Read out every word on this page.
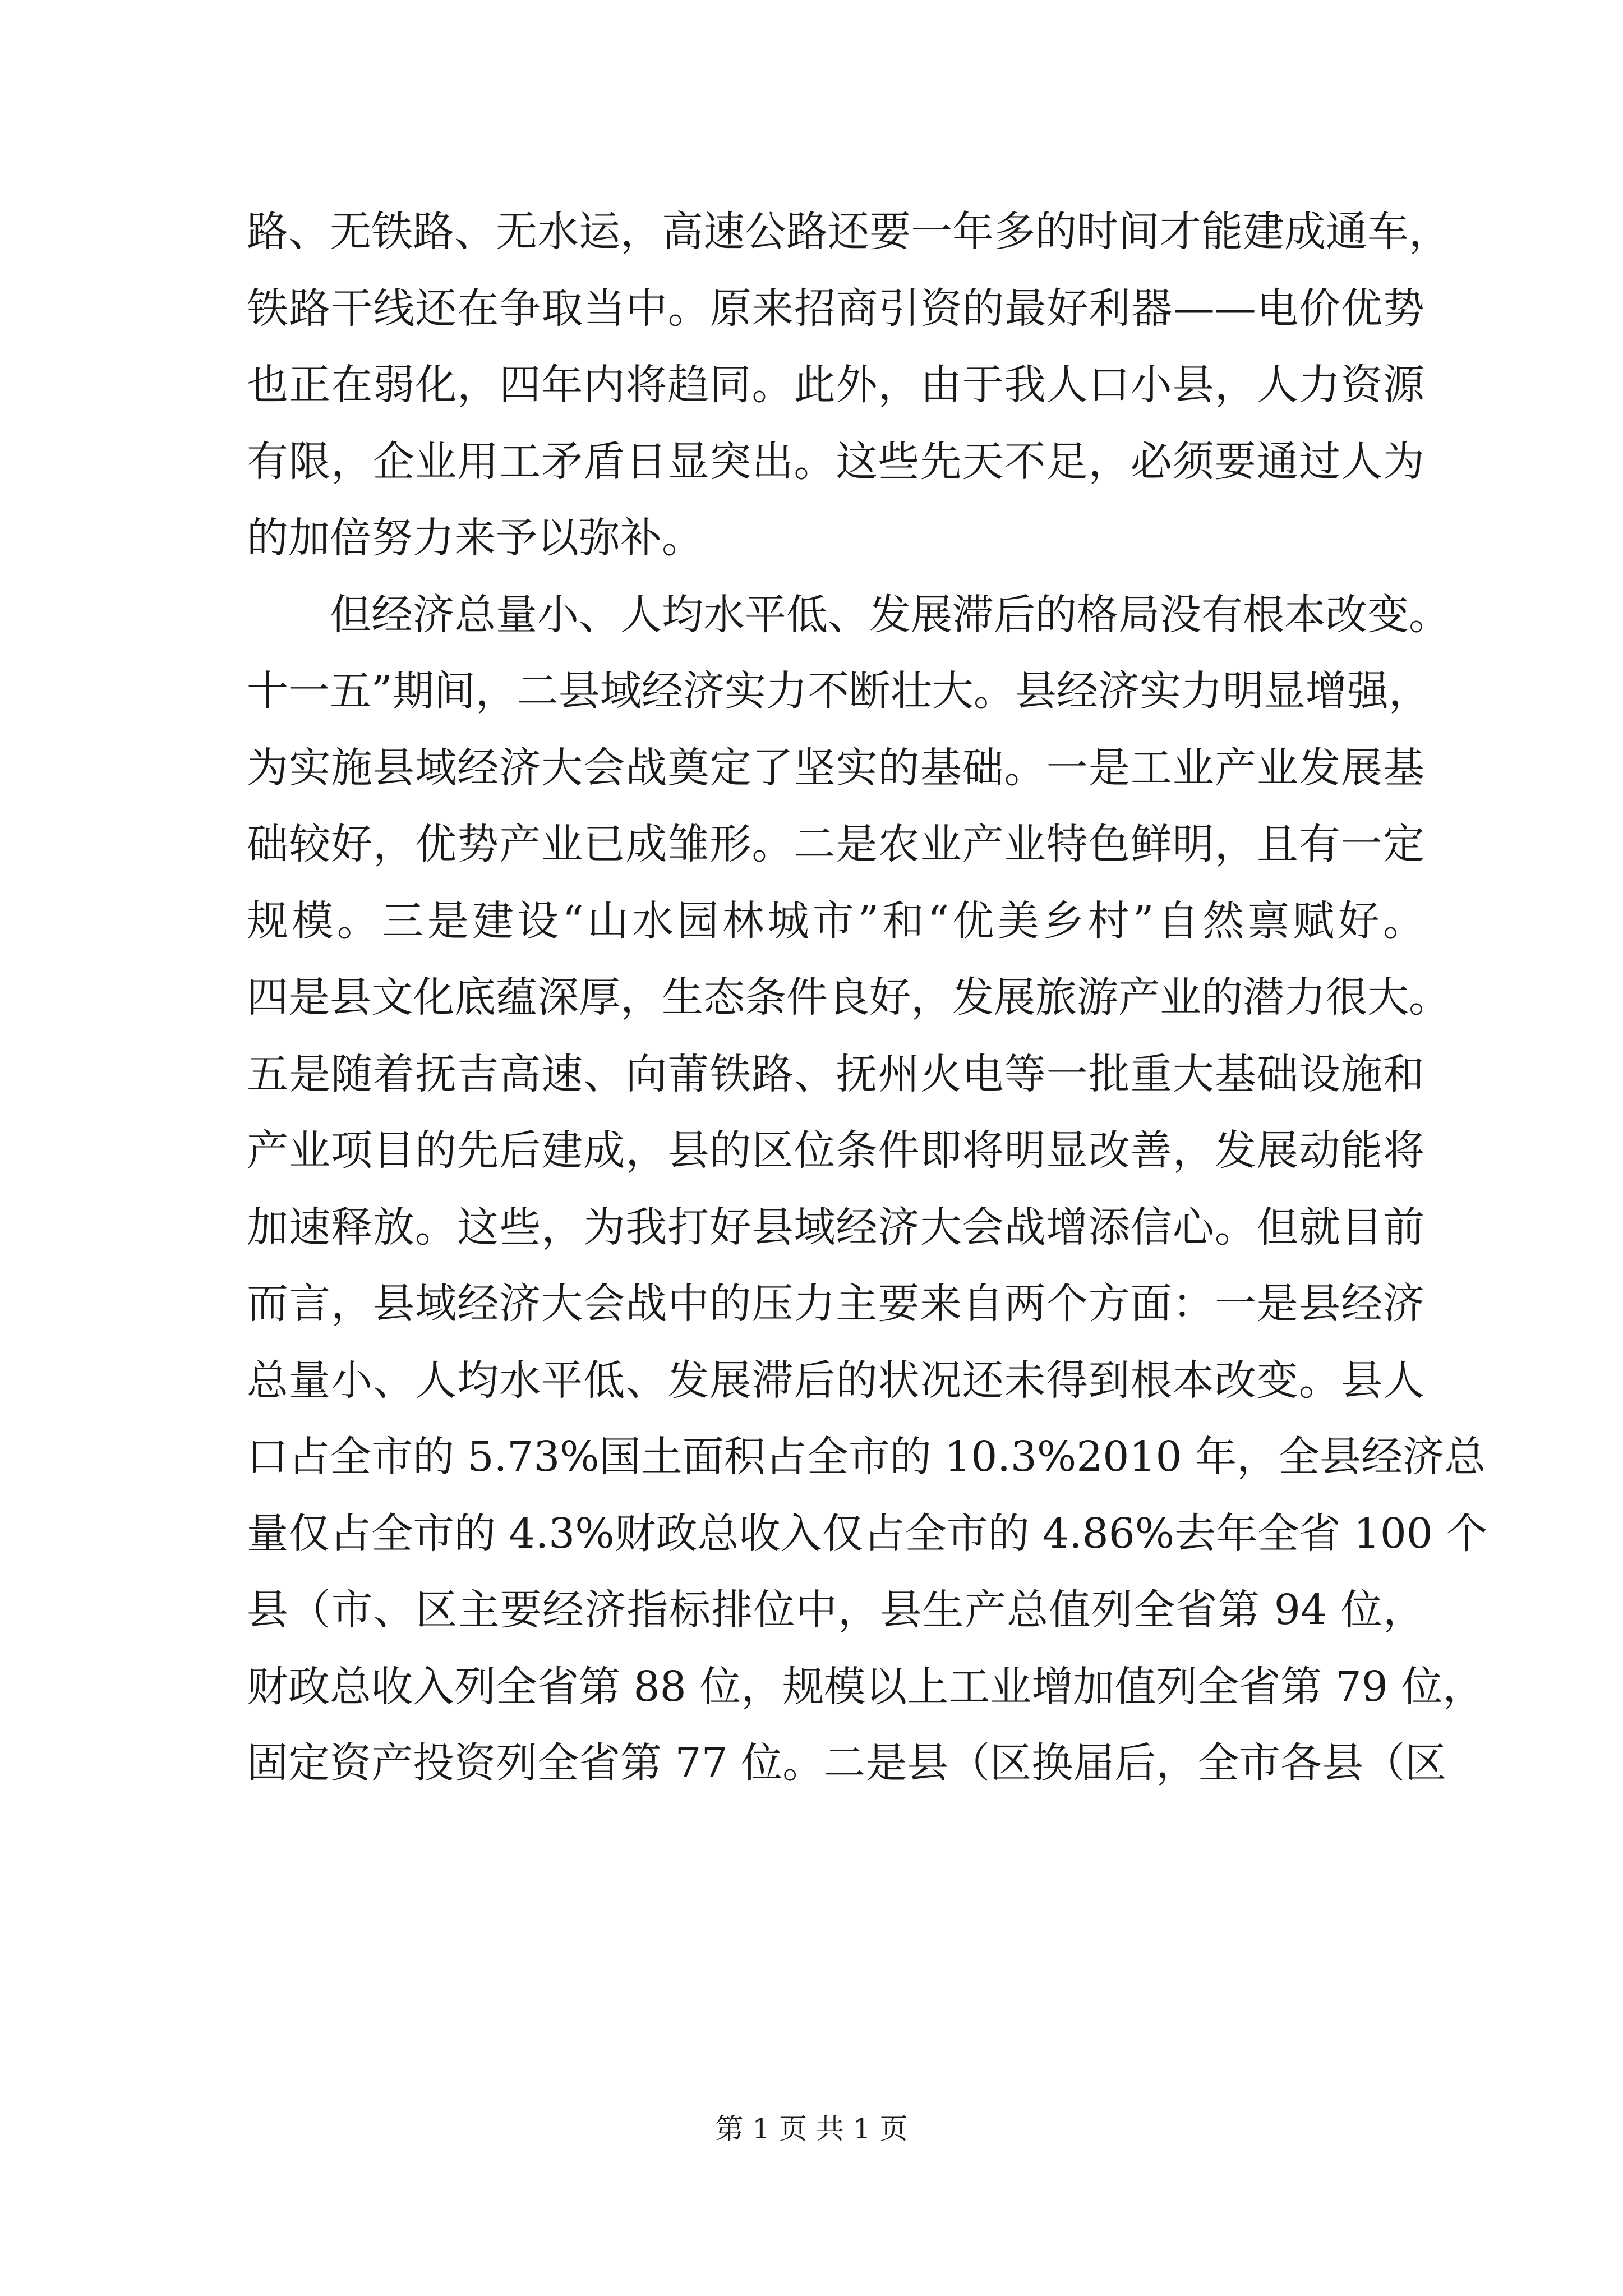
路、无铁路、无水运，高速公路还要一年多的时间才能建成通车，
铁路干线还在争取当中。原来招商引资的最好利器——电价优势
也正在弱化，四年内将趋同。此外，由于我人口小县，人力资源
有限，企业用工矛盾日显突出。这些先天不足，必须要通过人为
的加倍努力来予以弥补。
但经济总量小、人均水平低、发展滞后的格局没有根本改变。
十一五”期间，二县域经济实力不断壮大。县经济实力明显增强，
为实施县域经济大会战奠定了坚实的基础。一是工业产业发展基
础较好，优势产业已成雏形。二是农业产业特色鲜明，且有一定
规模。三是建设“山水园林城市”和“优美乡村”自然禀赋好。
四是县文化底蕴深厚，生态条件良好，发展旅游产业的潜力很大。
五是随着抚吉高速、向莆铁路、抚州火电等一批重大基础设施和
产业项目的先后建成，县的区位条件即将明显改善，发展动能将
加速释放。这些，为我打好县域经济大会战增添信心。但就目前
而言，县域经济大会战中的压力主要来自两个方面：一是县经济
总量小、人均水平低、发展滞后的状况还未得到根本改变。县人
口占全市的 5.73%国土面积占全市的 10.3%2010 年，全县经济总
量仅占全市的 4.3%财政总收入仅占全市的 4.86%去年全省 100 个
县（市、区主要经济指标排位中，县生产总值列全省第 94 位，
财政总收入列全省第 88 位，规模以上工业增加值列全省第 79 位，
固定资产投资列全省第 77 位。二是县（区换届后，全市各县（区
第 1 页 共 1 页
